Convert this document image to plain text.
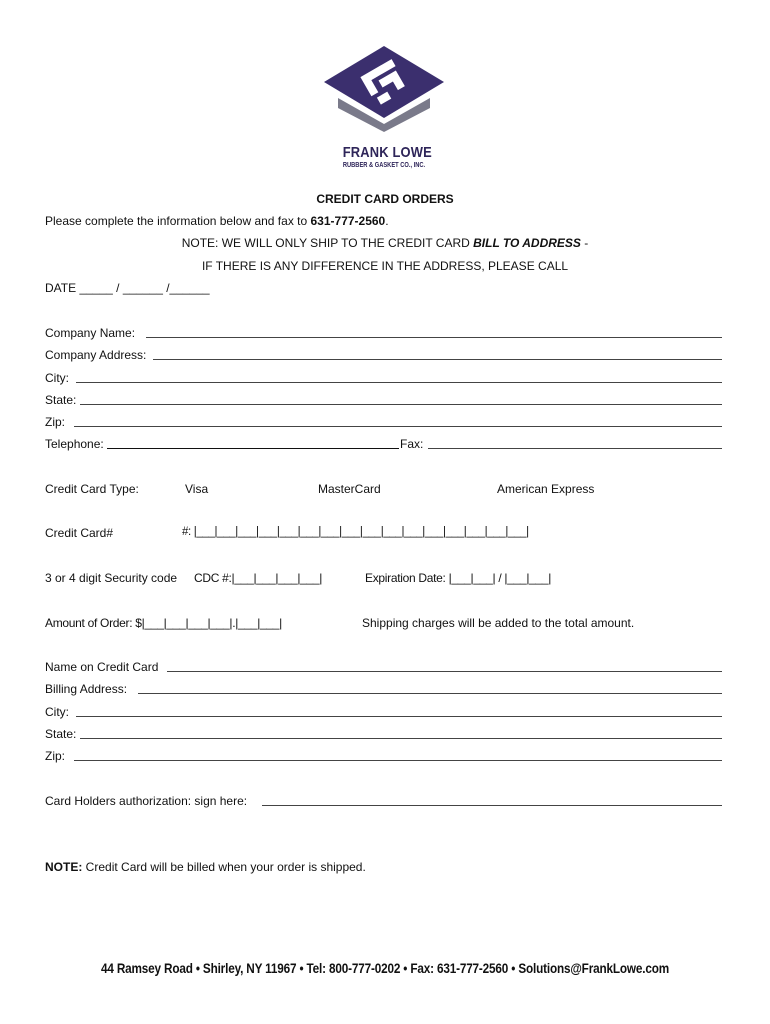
FRANK LOWE
RUBBER & GASKET CO., INC.
CREDIT CARD ORDERS
Please complete the information below and fax to 631-777-2560.
NOTE: WE WILL ONLY SHIP TO THE CREDIT CARD BILL TO ADDRESS -
IF THERE IS ANY DIFFERENCE IN THE ADDRESS, PLEASE CALL
DATE _____ / ______ /______
Company Name:
Company Address:
City:
State:
Zip:
Telephone:	Fax:
Credit Card Type:	Visa	MasterCard	American Express
Credit Card#	#: |___|___|___|___|___|___|___|___|___|___|___|___|___|___|___|___|
3 or 4 digit Security code CDC #:|___|___|___|___|	Expiration Date: |___|___| / |___|___|
Amount of Order: $|___|___|___|___|.|___|___|	Shipping charges will be added to the total amount.
Name on Credit Card
Billing Address:
City:
State:
Zip:
Card Holders authorization: sign here:
NOTE: Credit Card will be billed when your order is shipped.
44 Ramsey Road • Shirley, NY 11967 • Tel: 800-777-0202 • Fax: 631-777-2560 • Solutions@FrankLowe.com
